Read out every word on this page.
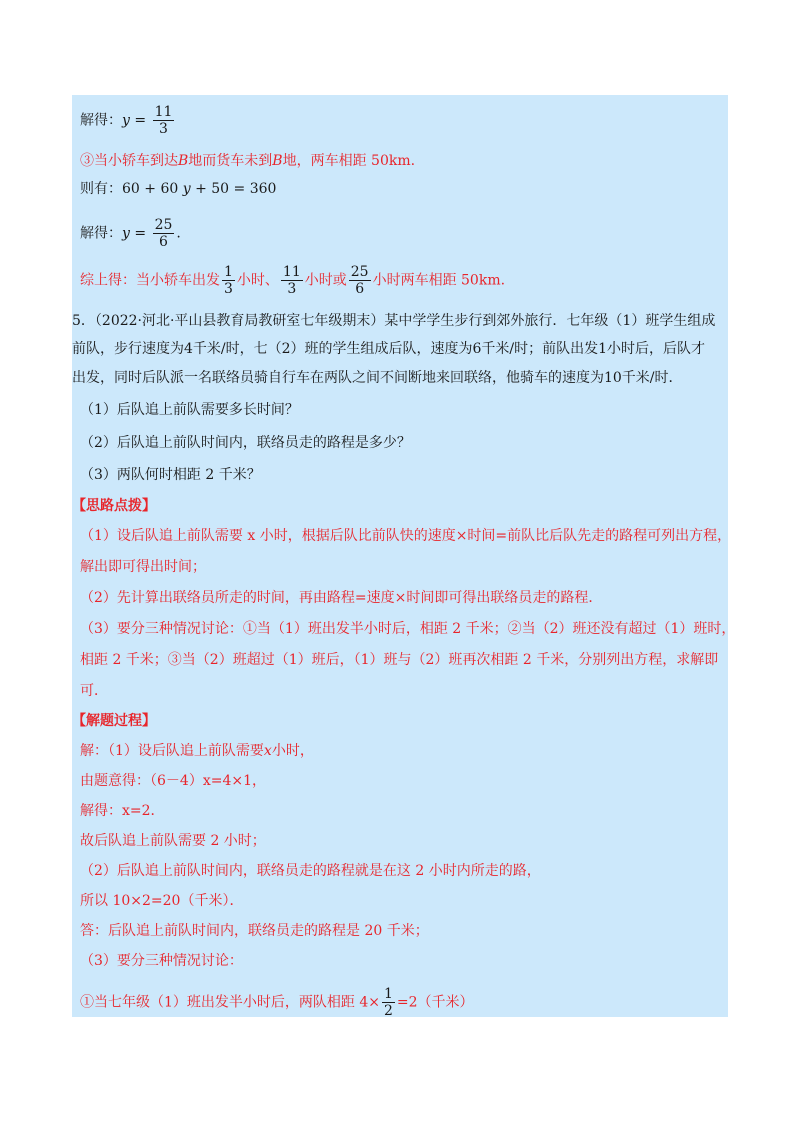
解得：$y = \frac{11}{3}$
③当小轿车到达B地而货车未到B地，两车相距 50km.
则有：60 + 60 y + 50 = 360
解得：$y = \frac{25}{6}$ .
综上得：当小轿车出发 $\frac{1}{3}$ 小时、 $\frac{11}{3}$ 小时或 $\frac{25}{6}$ 小时两车相距 50km.
5．（2022·河北·平山县教育局教研室七年级期末）某中学学生步行到郊外旅行．七年级（1）班学生组成
前队，步行速度为4千米/时，七（2）班的学生组成后队，速度为6千米/时；前队出发1小时后，后队才
出发，同时后队派一名联络员骑自行车在两队之间不间断地来回联络，他骑车的速度为10千米/时．
（1）后队追上前队需要多长时间？
（2）后队追上前队时间内，联络员走的路程是多少？
（3）两队何时相距 2 千米？
【思路点拨】
（1）设后队追上前队需要 x 小时，根据后队比前队快的速度×时间=前队比后队先走的路程可列出方程，
解出即可得出时间；
（2）先计算出联络员所走的时间，再由路程=速度×时间即可得出联络员走的路程．
（3）要分三种情况讨论：①当（1）班出发半小时后，相距 2 千米；②当（2）班还没有超过（1）班时，
相距 2 千米；③当（2）班超过（1）班后，（1）班与（2）班再次相距 2 千米，分别列出方程，求解即
可．
【解题过程】
解：（1）设后队追上前队需要x小时，
由题意得：（6－4）x=4×1，
解得：x=2．
故后队追上前队需要 2 小时；
（2）后队追上前队时间内，联络员走的路程就是在这 2 小时内所走的路，
所以 10×2=20（千米）．
答：后队追上前队时间内，联络员走的路程是 20 千米；
（3）要分三种情况讨论：
①当七年级（1）班出发半小时后，两队相距 $4\times \frac{1}{2} =2$（千米）
